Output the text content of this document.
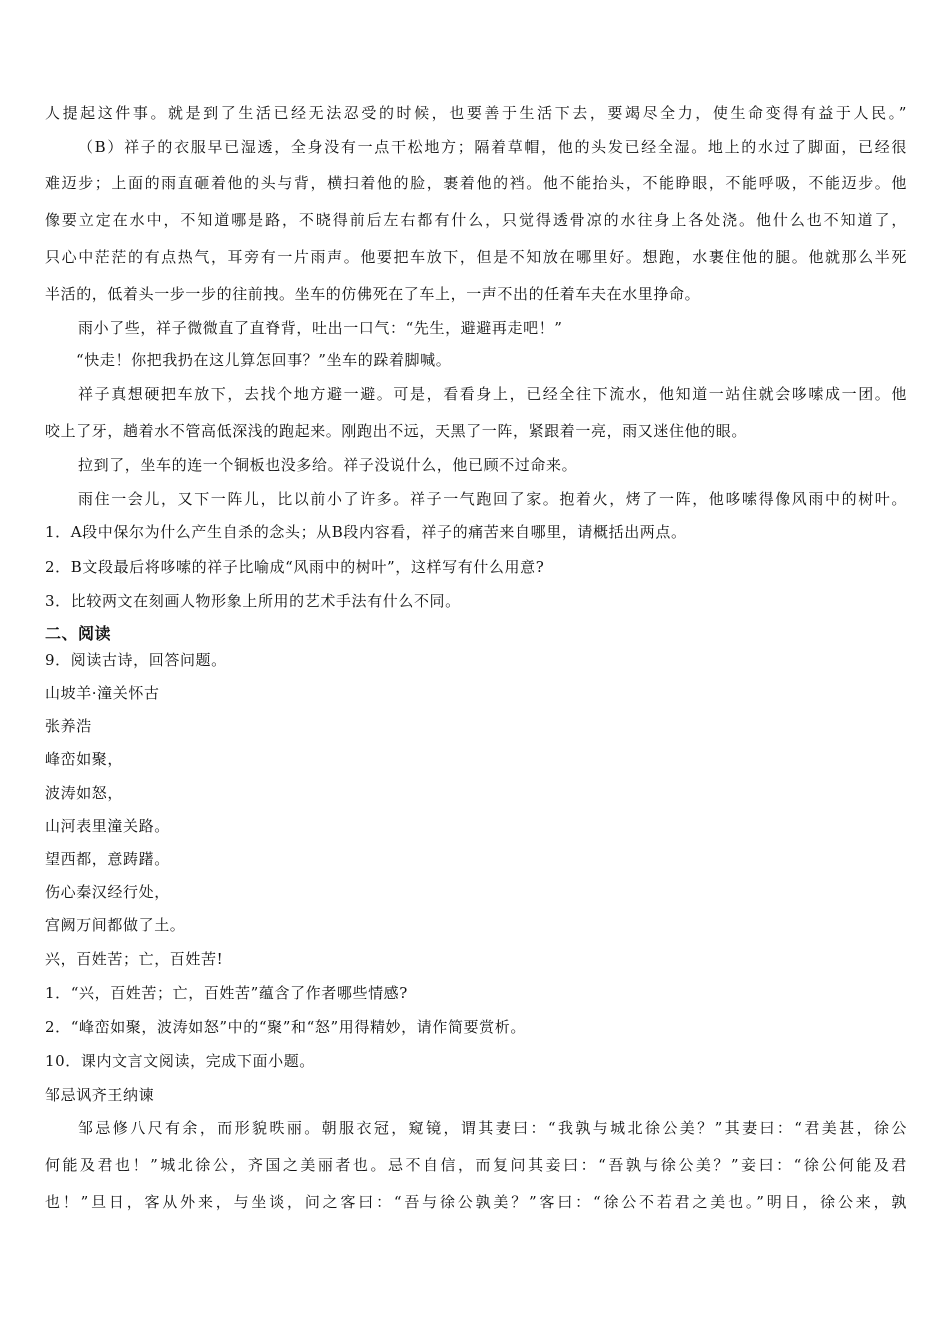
人提起这件事。就是到了生活已经无法忍受的时候，也要善于生活下去，要竭尽全力，使生命变得有益于人民。”
（B）祥子的衣服早已湿透，全身没有一点干松地方；隔着草帽，他的头发已经全湿。地上的水过了脚面，已经很
难迈步；上面的雨直砸着他的头与背，横扫着他的脸，裹着他的裆。他不能抬头，不能睁眼，不能呼吸，不能迈步。他
像要立定在水中，不知道哪是路，不晓得前后左右都有什么，只觉得透骨凉的水往身上各处浇。他什么也不知道了，
只心中茫茫的有点热气，耳旁有一片雨声。他要把车放下，但是不知放在哪里好。想跑，水裹住他的腿。他就那么半死
半活的，低着头一步一步的往前拽。坐车的仿佛死在了车上，一声不出的任着车夫在水里挣命。
雨小了些，祥子微微直了直脊背，吐出一口气：“先生，避避再走吧！”
“快走！你把我扔在这儿算怎回事？”坐车的跺着脚喊。
祥子真想硬把车放下，去找个地方避一避。可是，看看身上，已经全往下流水，他知道一站住就会哆嗦成一团。他
咬上了牙，趟着水不管高低深浅的跑起来。刚跑出不远，天黑了一阵，紧跟着一亮，雨又迷住他的眼。
拉到了，坐车的连一个铜板也没多给。祥子没说什么，他已顾不过命来。
雨住一会儿，又下一阵儿，比以前小了许多。祥子一气跑回了家。抱着火，烤了一阵，他哆嗦得像风雨中的树叶。
1．A段中保尔为什么产生自杀的念头；从B段内容看，祥子的痛苦来自哪里，请概括出两点。
2．B文段最后将哆嗦的祥子比喻成“风雨中的树叶”，这样写有什么用意?
3．比较两文在刻画人物形象上所用的艺术手法有什么不同。
二、阅读
9．阅读古诗，回答问题。
山坡羊·潼关怀古
张养浩
峰峦如聚，
波涛如怒，
山河表里潼关路。
望西都，意踌躇。
伤心秦汉经行处，
宫阙万间都做了土。
兴，百姓苦；亡，百姓苦!
1．“兴，百姓苦；亡，百姓苦”蕴含了作者哪些情感?
2．“峰峦如聚，波涛如怒”中的“聚”和“怒”用得精妙，请作简要赏析。
10．课内文言文阅读，完成下面小题。
邹忌讽齐王纳谏
邹忌修八尺有余，而形貌昳丽。朝服衣冠，窥镜，谓其妻曰：“我孰与城北徐公美？”其妻曰：“君美甚，徐公
何能及君也！”城北徐公，齐国之美丽者也。忌不自信，而复问其妾曰：“吾孰与徐公美？”妾曰：“徐公何能及君
也！”旦日，客从外来，与坐谈，问之客曰：“吾与徐公孰美？”客曰：“徐公不若君之美也。”明日，徐公来，孰
